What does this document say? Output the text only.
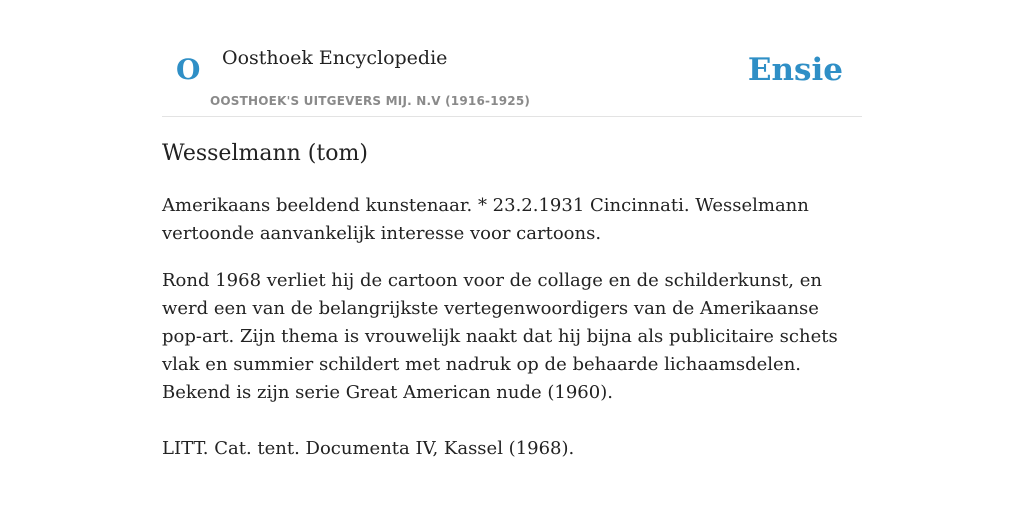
O Oosthoek Encyclopedie
OOSTHOEK'S UITGEVERS MIJ. N.V (1916-1925)
Ensie
Wesselmann (tom)

Amerikaans beeldend kunstenaar. * 23.2.1931 Cincinnati. Wesselmann vertoonde aanvankelijk interesse voor cartoons.

Rond 1968 verliet hij de cartoon voor de collage en de schilderkunst, en werd een van de belangrijkste vertegenwoordigers van de Amerikaanse pop-art. Zijn thema is vrouwelijk naakt dat hij bijna als publicitaire schets vlak en summier schildert met nadruk op de behaarde lichaamsdelen. Bekend is zijn serie Great American nude (1960).

LITT. Cat. tent. Documenta IV, Kassel (1968).
